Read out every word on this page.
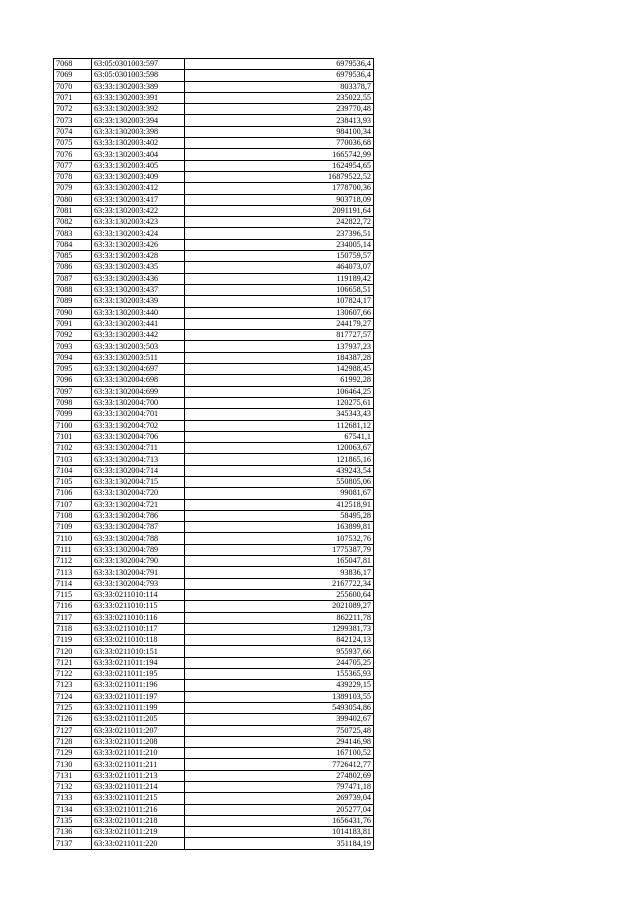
7068	63:05:0301003:597	6979536,4
7069	63:05:0301003:598	6979536,4
7070	63:33:1302003:389	803378,7
7071	63:33:1302003:391	235022,55
7072	63:33:1302003:392	239770,48
7073	63:33:1302003:394	238413,93
7074	63:33:1302003:398	984100,34
7075	63:33:1302003:402	770036,68
7076	63:33:1302003:404	1665742,99
7077	63:33:1302003:405	1624954,65
7078	63:33:1302003:409	16879522,52
7079	63:33:1302003:412	1778700,36
7080	63:33:1302003:417	903718,09
7081	63:33:1302003:422	2091191,64
7082	63:33:1302003:423	242822,72
7083	63:33:1302003:424	237396,51
7084	63:33:1302003:426	234005,14
7085	63:33:1302003:428	150759,57
7086	63:33:1302003:435	464073,07
7087	63:33:1302003:436	119189,42
7088	63:33:1302003:437	106658,51
7089	63:33:1302003:439	107824,17
7090	63:33:1302003:440	130607,66
7091	63:33:1302003:441	244179,27
7092	63:33:1302003:442	817727,57
7093	63:33:1302003:503	137937,23
7094	63:33:1302003:511	184387,28
7095	63:33:1302004:697	142988,45
7096	63:33:1302004:698	61992,28
7097	63:33:1302004:699	106464,25
7098	63:33:1302004:700	120275,61
7099	63:33:1302004:701	345343,43
7100	63:33:1302004:702	112681,12
7101	63:33:1302004:706	67541,1
7102	63:33:1302004:711	120063,67
7103	63:33:1302004:713	121865,16
7104	63:33:1302004:714	439243,54
7105	63:33:1302004:715	550805,06
7106	63:33:1302004:720	99081,67
7107	63:33:1302004:721	412518,91
7108	63:33:1302004:786	58495,28
7109	63:33:1302004:787	163899,81
7110	63:33:1302004:788	107532,76
7111	63:33:1302004:789	1775387,79
7112	63:33:1302004:790	165047,81
7113	63:33:1302004:791	93836,17
7114	63:33:1302004:793	2167722,34
7115	63:33:0211010:114	255600,64
7116	63:33:0211010:115	2021089,27
7117	63:33:0211010:116	862211,78
7118	63:33:0211010:117	1299381,73
7119	63:33:0211010:118	842124,13
7120	63:33:0211010:151	955937,66
7121	63:33:0211011:194	244705,25
7122	63:33:0211011:195	155365,93
7123	63:33:0211011:196	439229,15
7124	63:33:0211011:197	1389103,55
7125	63:33:0211011:199	5493054,86
7126	63:33:0211011:205	399402,67
7127	63:33:0211011:207	750725,48
7128	63:33:0211011:208	294146,98
7129	63:33:0211011:210	167100,52
7130	63:33:0211011:211	7726412,77
7131	63:33:0211011:213	274802,69
7132	63:33:0211011:214	797471,18
7133	63:33:0211011:215	269739,04
7134	63:33:0211011:216	205277,04
7135	63:33:0211011:218	1656431,76
7136	63:33:0211011:219	1014183,81
7137	63:33:0211011:220	351184,19
